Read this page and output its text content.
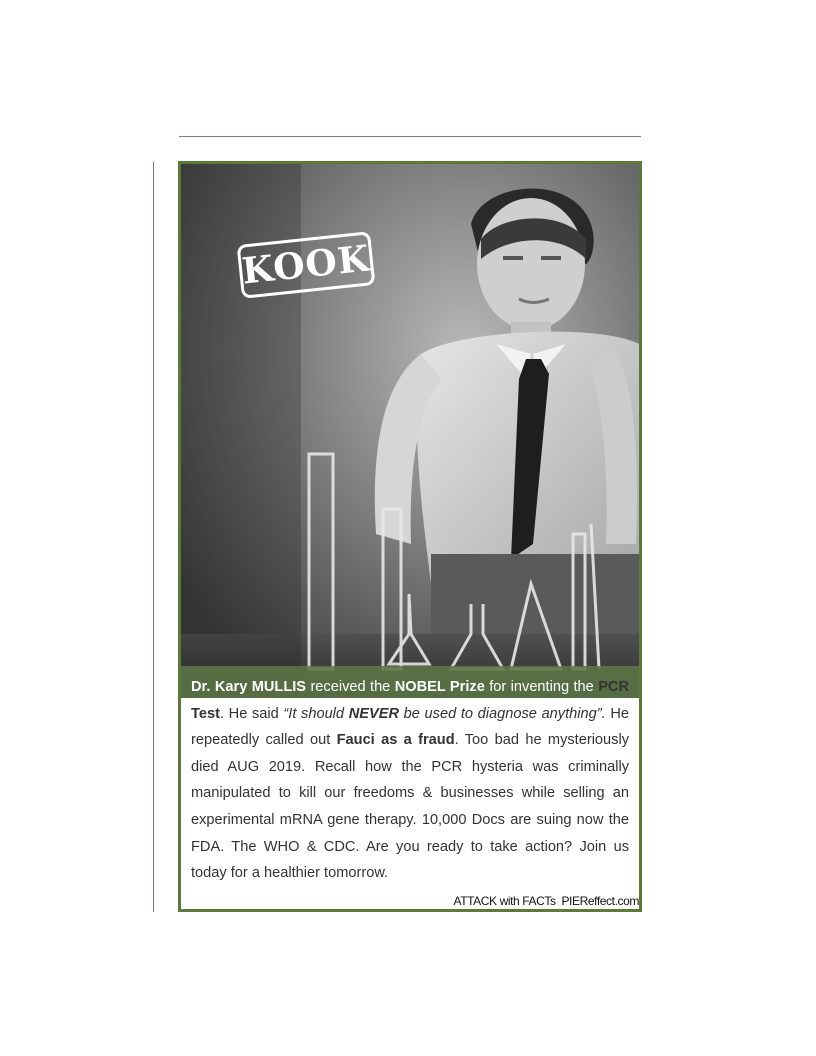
KOOK

Dr. Kary MULLIS received the NOBEL Prize for inventing the PCR Test. He said “It should NEVER be used to diagnose anything”. He repeatedly called out Fauci as a fraud. Too bad he mysteriously died AUG 2019. Recall how the PCR hysteria was criminally manipulated to kill our freedoms & businesses while selling an experimental mRNA gene therapy. 10,000 Docs are suing now the FDA. The WHO & CDC. Are you ready to take action? Join us today for a healthier tomorrow.

ATTACK with FACTs  PIEReffect.com
